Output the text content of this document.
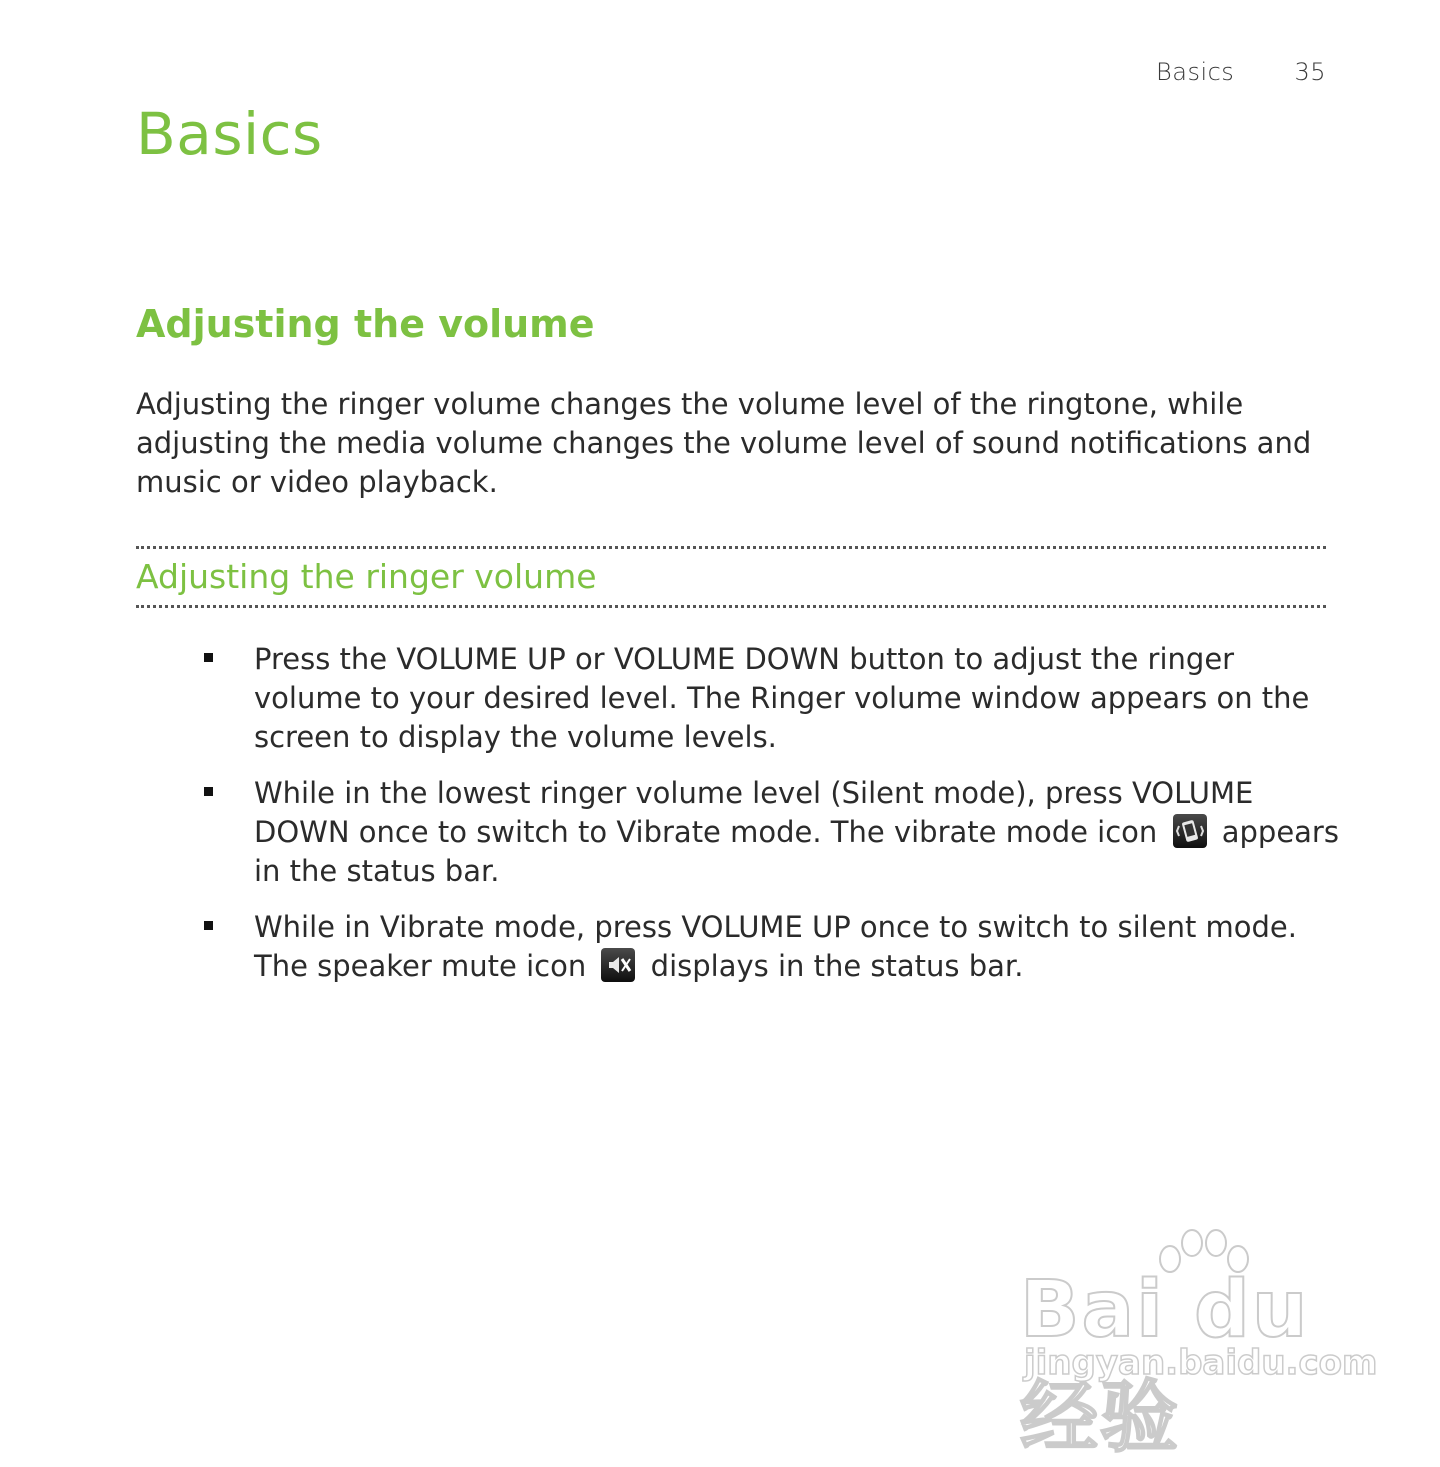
Basics	35
Basics
Adjusting the volume

Adjusting the ringer volume changes the volume level of the ringtone, while adjusting the media volume changes the volume level of sound notifications and music or video playback.

Adjusting the ringer volume
Press the VOLUME UP or VOLUME DOWN button to adjust the ringer volume to your desired level. The Ringer volume window appears on the screen to display the volume levels.
While in the lowest ringer volume level (Silent mode), press VOLUME DOWN once to switch to Vibrate mode. The vibrate mode icon appears in the status bar.
While in Vibrate mode, press VOLUME UP once to switch to silent mode. The speaker mute icon displays in the status bar.
Bai du 经验
jingyan.baidu.com
